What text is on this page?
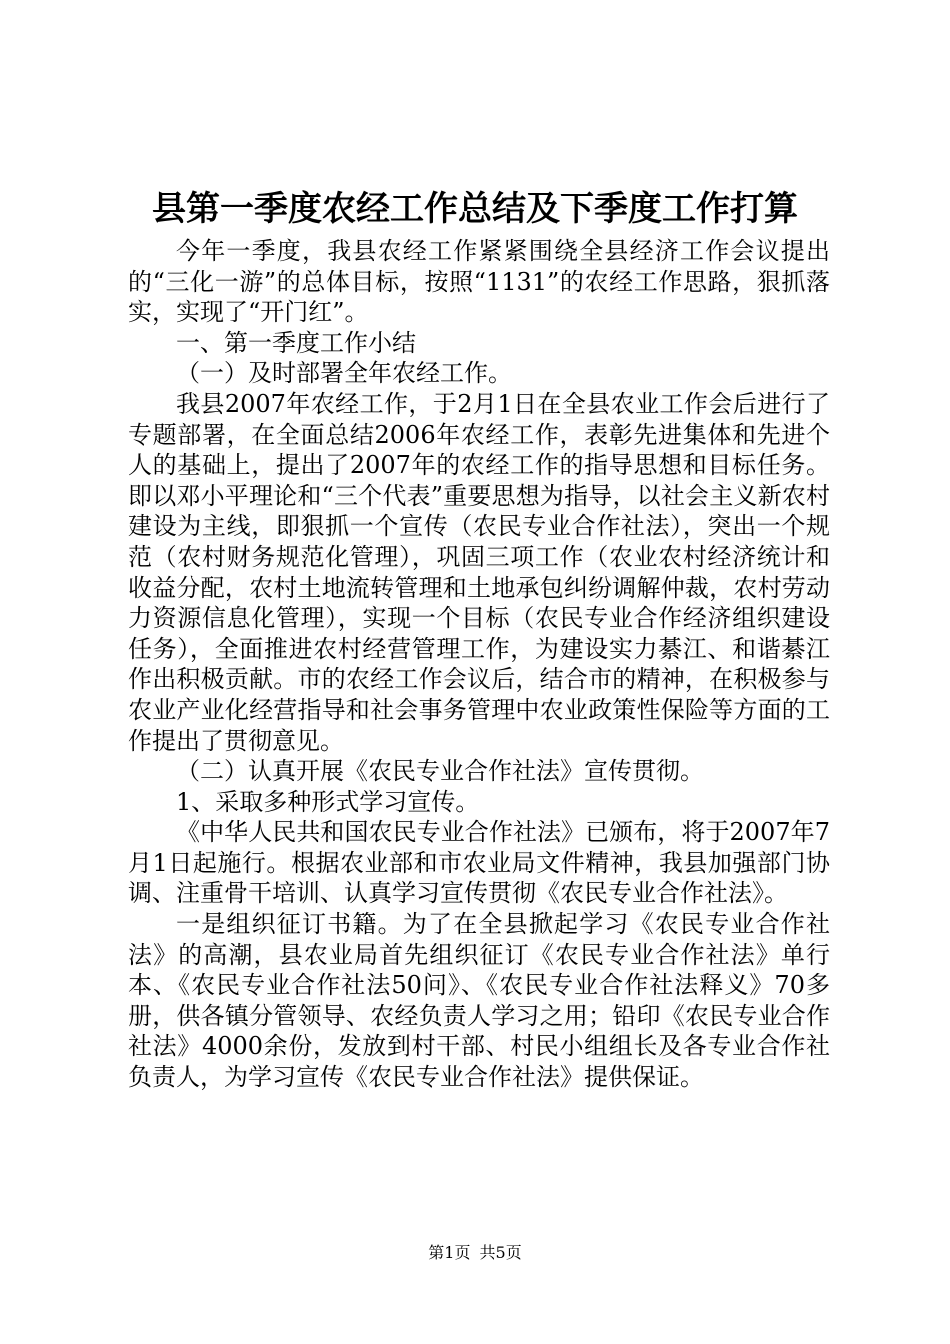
县第一季度农经工作总结及下季度工作打算

今年一季度，我县农经工作紧紧围绕全县经济工作会议提出的“三化一游”的总体目标，按照“1131”的农经工作思路，狠抓落实，实现了“开门红”。

一、第一季度工作小结

（一）及时部署全年农经工作。

我县2007年农经工作，于2月1日在全县农业工作会后进行了专题部署，在全面总结2006年农经工作，表彰先进集体和先进个人的基础上，提出了2007年的农经工作的指导思想和目标任务。即以邓小平理论和“三个代表”重要思想为指导，以社会主义新农村建设为主线，即狠抓一个宣传（农民专业合作社法），突出一个规范（农村财务规范化管理），巩固三项工作（农业农村经济统计和收益分配，农村土地流转管理和土地承包纠纷调解仲裁，农村劳动力资源信息化管理），实现一个目标（农民专业合作经济组织建设任务），全面推进农村经营管理工作，为建设实力綦江、和谐綦江作出积极贡献。市的农经工作会议后，结合市的精神，在积极参与农业产业化经营指导和社会事务管理中农业政策性保险等方面的工作提出了贯彻意见。

（二）认真开展《农民专业合作社法》宣传贯彻。

1、采取多种形式学习宣传。

《中华人民共和国农民专业合作社法》已颁布，将于2007年7月1日起施行。根据农业部和市农业局文件精神，我县加强部门协调、注重骨干培训、认真学习宣传贯彻《农民专业合作社法》。

一是组织征订书籍。为了在全县掀起学习《农民专业合作社法》的高潮，县农业局首先组织征订《农民专业合作社法》单行本、《农民专业合作社法50问》、《农民专业合作社法释义》70多册，供各镇分管领导、农经负责人学习之用；铅印《农民专业合作社法》4000余份，发放到村干部、村民小组组长及各专业合作社负责人，为学习宣传《农民专业合作社法》提供保证。

第1页 共5页
